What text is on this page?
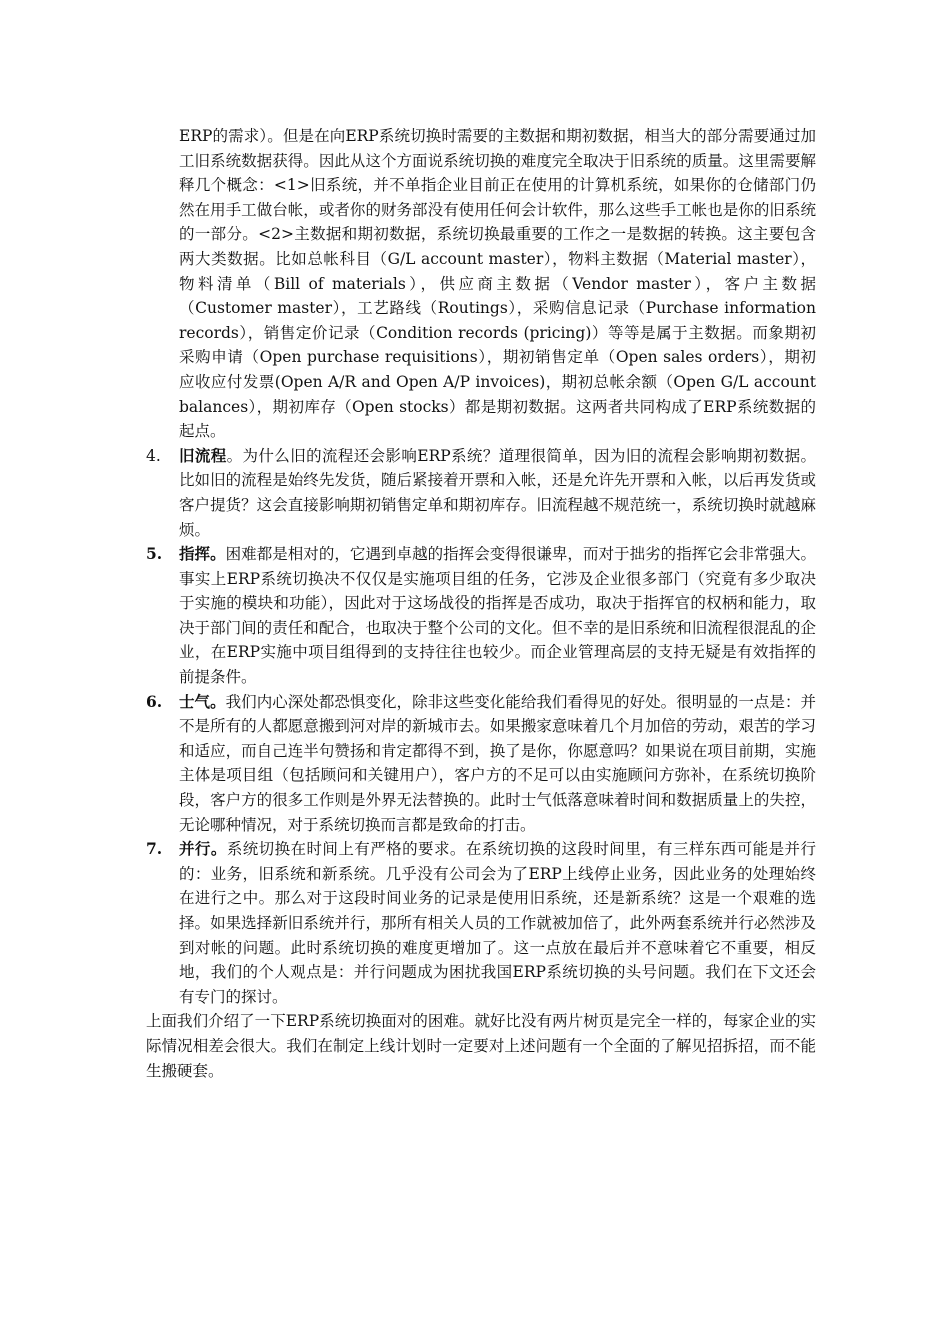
ERP的需求）。但是在向ERP系统切换时需要的主数据和期初数据，相当大的部分需要通过加工旧系统数据获得。因此从这个方面说系统切换的难度完全取决于旧系统的质量。这里需要解释几个概念：<1>旧系统，并不单指企业目前正在使用的计算机系统，如果你的仓储部门仍然在用手工做台帐，或者你的财务部没有使用任何会计软件，那么这些手工帐也是你的旧系统的一部分。<2>主数据和期初数据，系统切换最重要的工作之一是数据的转换。这主要包含两大类数据。比如总帐科目（G/L account master），物料主数据（Material master），物料清单（Bill of materials），供应商主数据（Vendor master），客户主数据（Customer master），工艺路线（Routings），采购信息记录（Purchase information records），销售定价记录（Condition records (pricing)）等等是属于主数据。而象期初采购申请（Open purchase requisitions），期初销售定单（Open sales orders），期初应收应付发票(Open A/R and Open A/P invoices)，期初总帐余额（Open G/L account balances），期初库存（Open stocks）都是期初数据。这两者共同构成了ERP系统数据的起点。

4.	旧流程。为什么旧的流程还会影响ERP系统？道理很简单，因为旧的流程会影响期初数据。比如旧的流程是始终先发货，随后紧接着开票和入帐，还是允许先开票和入帐，以后再发货或客户提货？这会直接影响期初销售定单和期初库存。旧流程越不规范统一，系统切换时就越麻烦。

5.	指挥。困难都是相对的，它遇到卓越的指挥会变得很谦卑，而对于拙劣的指挥它会非常强大。事实上ERP系统切换决不仅仅是实施项目组的任务，它涉及企业很多部门（究竟有多少取决于实施的模块和功能），因此对于这场战役的指挥是否成功，取决于指挥官的权柄和能力，取决于部门间的责任和配合，也取决于整个公司的文化。但不幸的是旧系统和旧流程很混乱的企业，在ERP实施中项目组得到的支持往往也较少。而企业管理高层的支持无疑是有效指挥的前提条件。

6.	士气。我们内心深处都恐惧变化，除非这些变化能给我们看得见的好处。很明显的一点是：并不是所有的人都愿意搬到河对岸的新城市去。如果搬家意味着几个月加倍的劳动，艰苦的学习和适应，而自己连半句赞扬和肯定都得不到，换了是你，你愿意吗？如果说在项目前期，实施主体是项目组（包括顾问和关键用户），客户方的不足可以由实施顾问方弥补，在系统切换阶段，客户方的很多工作则是外界无法替换的。此时士气低落意味着时间和数据质量上的失控，无论哪种情况，对于系统切换而言都是致命的打击。

7.	并行。系统切换在时间上有严格的要求。在系统切换的这段时间里，有三样东西可能是并行的：业务，旧系统和新系统。几乎没有公司会为了ERP上线停止业务，因此业务的处理始终在进行之中。那么对于这段时间业务的记录是使用旧系统，还是新系统？这是一个艰难的选择。如果选择新旧系统并行，那所有相关人员的工作就被加倍了，此外两套系统并行必然涉及到对帐的问题。此时系统切换的难度更增加了。这一点放在最后并不意味着它不重要，相反地，我们的个人观点是：并行问题成为困扰我国ERP系统切换的头号问题。我们在下文还会有专门的探讨。

上面我们介绍了一下ERP系统切换面对的困难。就好比没有两片树页是完全一样的，每家企业的实际情况相差会很大。我们在制定上线计划时一定要对上述问题有一个全面的了解见招拆招，而不能生搬硬套。
